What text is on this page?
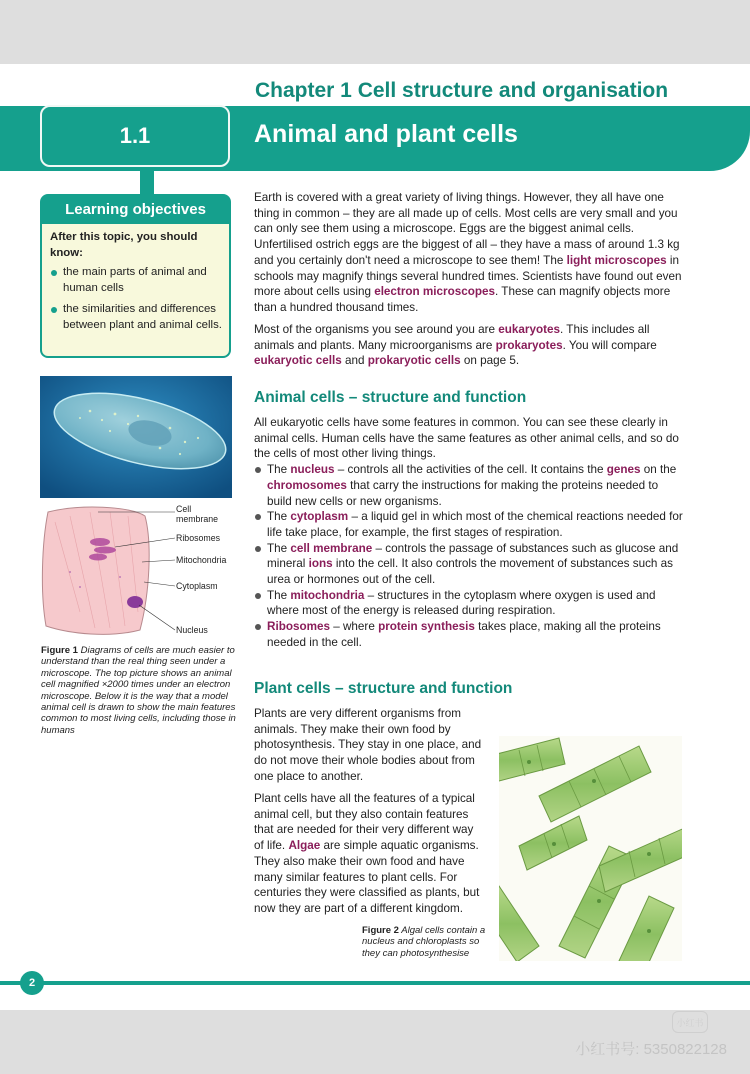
Chapter 1 Cell structure and organisation
1.1	Animal and plant cells
Learning objectives
After this topic, you should know:
the main parts of animal and human cells
the similarities and differences between plant and animal cells.
Cell membrane
Ribosomes
Mitochondria
Cytoplasm
Nucleus
Figure 1 Diagrams of cells are much easier to understand than the real thing seen under a microscope. The top picture shows an animal cell magnified ×2000 times under an electron microscope. Below it is the way that a model animal cell is drawn to show the main features common to most living cells, including those in humans
Earth is covered with a great variety of living things. However, they all have one thing in common – they are all made up of cells. Most cells are very small and you can only see them using a microscope. Eggs are the biggest animal cells. Unfertilised ostrich eggs are the biggest of all – they have a mass of around 1.3 kg and you certainly don't need a microscope to see them! The light microscopes in schools may magnify things several hundred times. Scientists have found out even more about cells using electron microscopes. These can magnify objects more than a hundred thousand times.
Most of the organisms you see around you are eukaryotes. This includes all animals and plants. Many microorganisms are prokaryotes. You will compare eukaryotic cells and prokaryotic cells on page 5.
Animal cells – structure and function
All eukaryotic cells have some features in common. You can see these clearly in animal cells. Human cells have the same features as other animal cells, and so do the cells of most other living things.
The nucleus – controls all the activities of the cell. It contains the genes on the chromosomes that carry the instructions for making the proteins needed to build new cells or new organisms.
The cytoplasm – a liquid gel in which most of the chemical reactions needed for life take place, for example, the first stages of respiration.
The cell membrane – controls the passage of substances such as glucose and mineral ions into the cell. It also controls the movement of substances such as urea or hormones out of the cell.
The mitochondria – structures in the cytoplasm where oxygen is used and where most of the energy is released during respiration.
Ribosomes – where protein synthesis takes place, making all the proteins needed in the cell.
Plant cells – structure and function
Plants are very different organisms from animals. They make their own food by photosynthesis. They stay in one place, and do not move their whole bodies about from one place to another.
Plant cells have all the features of a typical animal cell, but they also contain features that are needed for their very different way of life. Algae are simple aquatic organisms. They also make their own food and have many similar features to plant cells. For centuries they were classified as plants, but now they are part of a different kingdom.
Figure 2 Algal cells contain a nucleus and chloroplasts so they can photosynthesise
2
小红书
小红书号: 5350822128
